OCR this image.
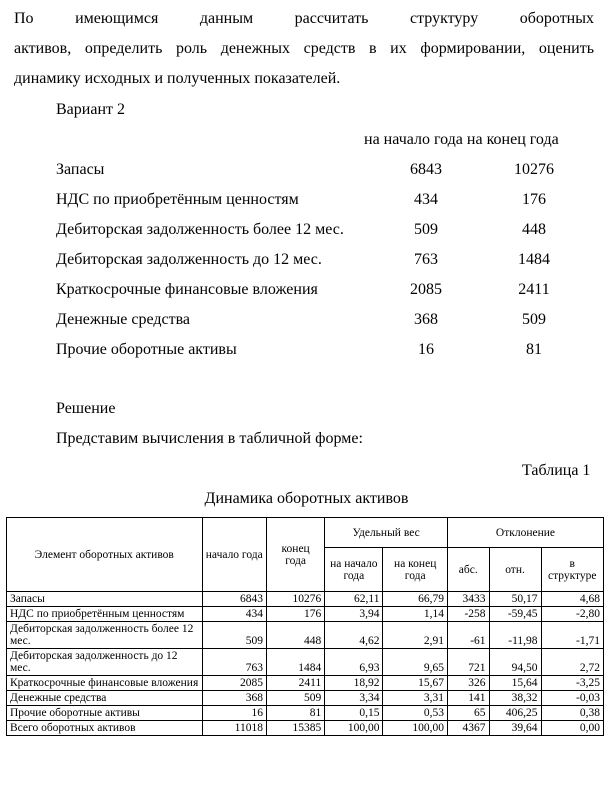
По имеющимся данным рассчитать структуру оборотных
активов, определить роль денежных средств в их формировании, оценить
динамику исходных и полученных показателей.
Вариант 2
на начало года на конец года
Запасы	6843	10276
НДС по приобретённым ценностям	434	176
Дебиторская задолженность более 12 мес.	509	448
Дебиторская задолженность до 12 мес.	763	1484
Краткосрочные финансовые вложения	2085	2411
Денежные средства	368	509
Прочие оборотные активы	16	81
Решение
Представим вычисления в табличной форме:
Таблица 1
Динамика оборотных активов
Элемент оборотных активов	начало года	конец года	Удельный вес		Отклонение		
			на начало года	на конец года	абс.	отн.	в структуре
Запасы	6843	10276	62,11	66,79	3433	50,17	4,68
НДС по приобретённым ценностям	434	176	3,94	1,14	-258	-59,45	-2,80
Дебиторская задолженность более 12 мес.	509	448	4,62	2,91	-61	-11,98	-1,71
Дебиторская задолженность до 12 мес.	763	1484	6,93	9,65	721	94,50	2,72
Краткосрочные финансовые вложения	2085	2411	18,92	15,67	326	15,64	-3,25
Денежные средства	368	509	3,34	3,31	141	38,32	-0,03
Прочие оборотные активы	16	81	0,15	0,53	65	406,25	0,38
Всего оборотных активов	11018	15385	100,00	100,00	4367	39,64	0,00
